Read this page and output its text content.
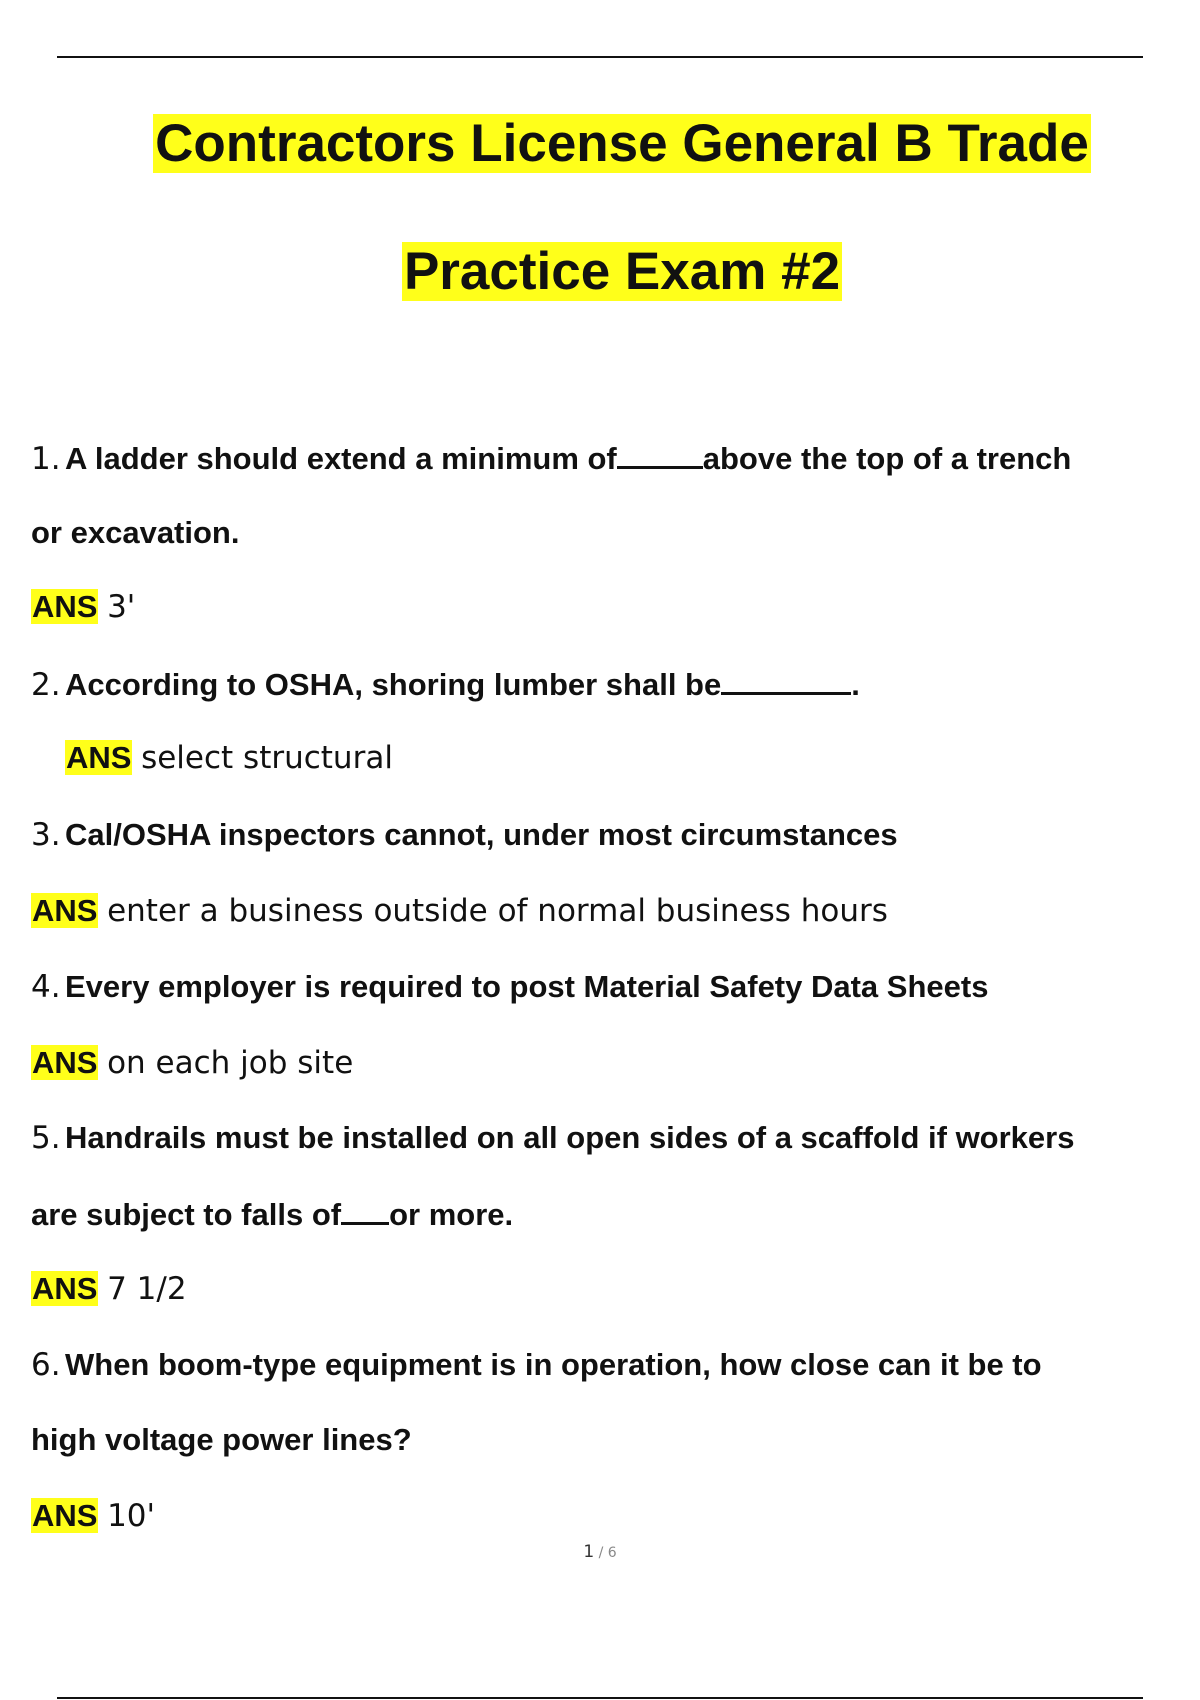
Contractors License General B Trade
Practice Exam #2
1. A ladder should extend a minimum of	above the top of a trench
or excavation.
ANS 3'
2. According to OSHA, shoring lumber shall be	.
ANS select structural
3. Cal/OSHA inspectors cannot, under most circumstances
ANS enter a business outside of normal business hours
4. Every employer is required to post Material Safety Data Sheets
ANS on each job site
5. Handrails must be installed on all open sides of a scaffold if workers
are subject to falls of or more.
ANS 7 1/2
6. When boom-type equipment is in operation, how close can it be to
high voltage power lines?
ANS 10'
1 / 6
